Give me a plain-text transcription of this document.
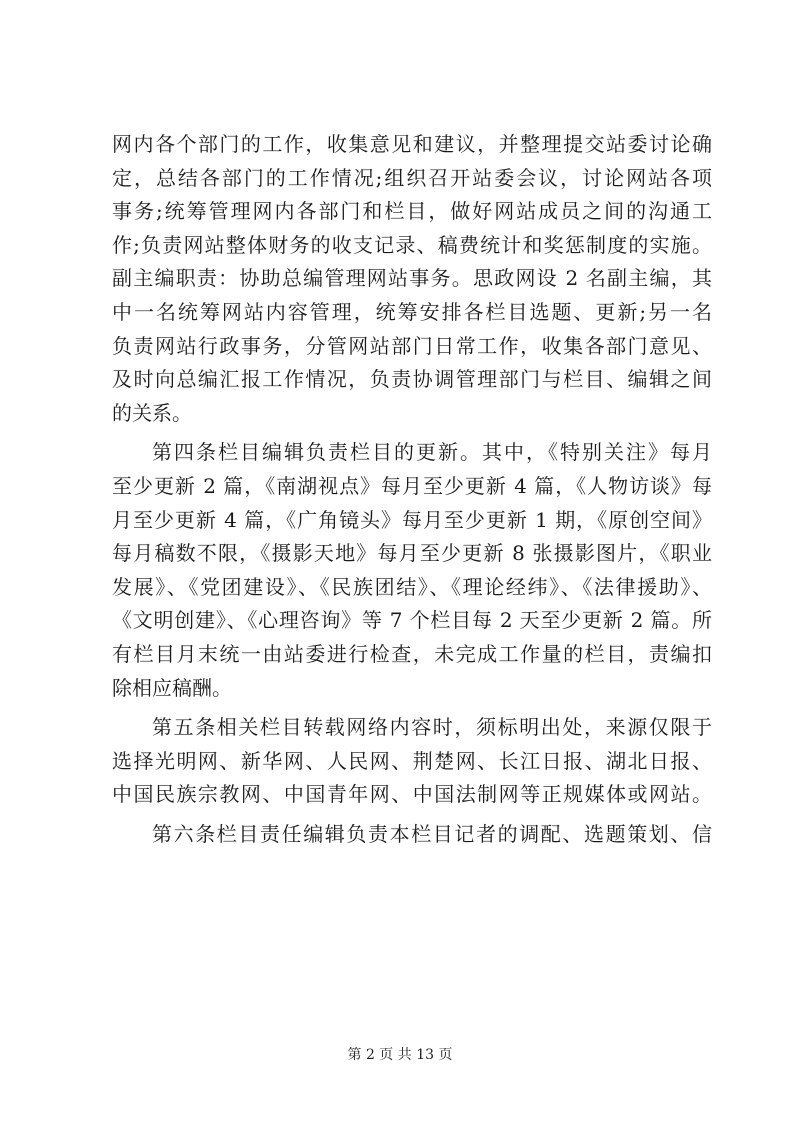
网内各个部门的工作，收集意见和建议，并整理提交站委讨论确
定，总结各部门的工作情况;组织召开站委会议，讨论网站各项
事务;统筹管理网内各部门和栏目，做好网站成员之间的沟通工
作;负责网站整体财务的收支记录、稿费统计和奖惩制度的实施。
副主编职责：协助总编管理网站事务。思政网设 2 名副主编，其
中一名统筹网站内容管理，统筹安排各栏目选题、更新;另一名
负责网站行政事务，分管网站部门日常工作，收集各部门意见、
及时向总编汇报工作情况，负责协调管理部门与栏目、编辑之间
的关系。
第四条栏目编辑负责栏目的更新。其中，《特别关注》每月
至少更新 2 篇，《南湖视点》每月至少更新 4 篇，《人物访谈》每
月至少更新 4 篇，《广角镜头》每月至少更新 1 期，《原创空间》
每月稿数不限，《摄影天地》每月至少更新 8 张摄影图片，《职业
发展》、《党团建设》、《民族团结》、《理论经纬》、《法律援助》、
《文明创建》、《心理咨询》等 7 个栏目每 2 天至少更新 2 篇。所
有栏目月末统一由站委进行检查，未完成工作量的栏目，责编扣
除相应稿酬。
第五条相关栏目转载网络内容时，须标明出处，来源仅限于
选择光明网、新华网、人民网、荆楚网、长江日报、湖北日报、
中国民族宗教网、中国青年网、中国法制网等正规媒体或网站。
第六条栏目责任编辑负责本栏目记者的调配、选题策划、信
第 2 页 共 13 页
